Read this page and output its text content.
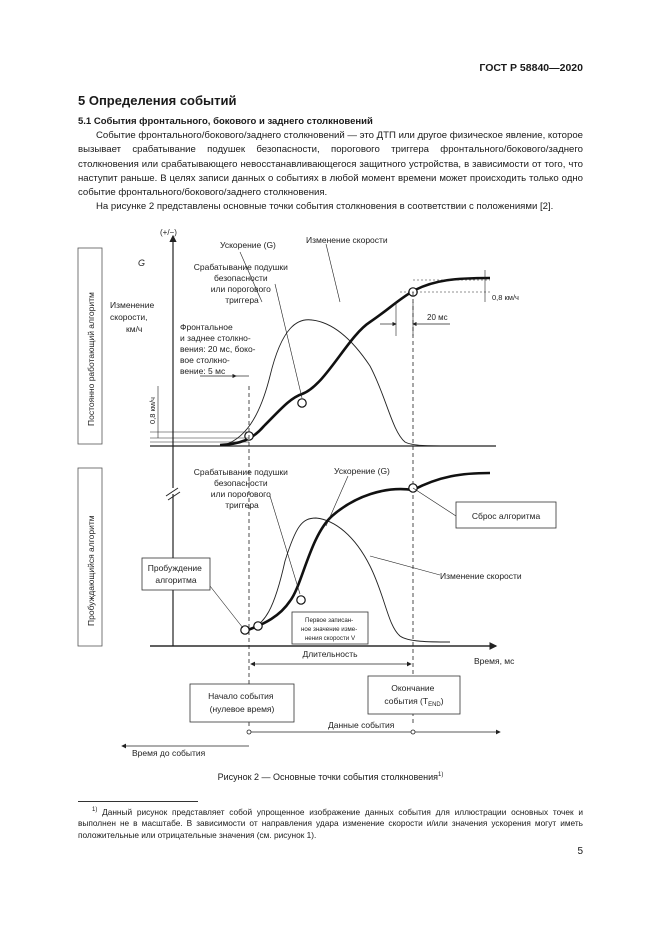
ГОСТ Р 58840—2020
5 Определения событий
5.1 События фронтального, бокового и заднего столкновений

Событие фронтального/бокового/заднего столкновений — это ДТП или другое физическое явление, которое вызывает срабатывание подушек безопасности, порогового триггера фронтального/бокового/заднего столкновения или срабатывающего невосстанавливающегося защитного устройства, в зависимости от того, что наступит раньше. В целях записи данных о событиях в любой момент времени может происходить только одно событие фронтального/бокового/заднего столкновения.

На рисунке 2 представлены основные точки события столкновения в соответствии с положениями [2].

Постоянно работающий алгоритм
Пробуждающийся алгоритм
(+/−)
G
Изменение скорости, км/ч
0,8 км/ч
0,8 км/ч
20 мс
Ускорение (G)	Изменение скорости
Срабатывание подушки безопасности или порогового триггера
Фронтальное и заднее столкно- вения: 20 мс, боко- вое столкно- вение: 5 мс
Срабатывание подушки безопасности или порогового триггера
Ускорение (G)
Сброс алгоритма
Пробуждение алгоритма	Изменение скорости
Первое записан- ное значение изме- нения скорости V
Длительность
Время, мс
Начало события (нулевое время)
Окончание события $(T_{END})$
Данные события
Время до события
Рисунок 2 — Основные точки события столкновения$^{1)}$
$^{1)}$ Данный рисунок представляет собой упрощенное изображение данных события для иллюстрации основных точек и выполнен не в масштабе. В зависимости от направления удара изменение скорости и/или значения ускорения могут иметь положительные или отрицательные значения (см. рисунок 1).
5
